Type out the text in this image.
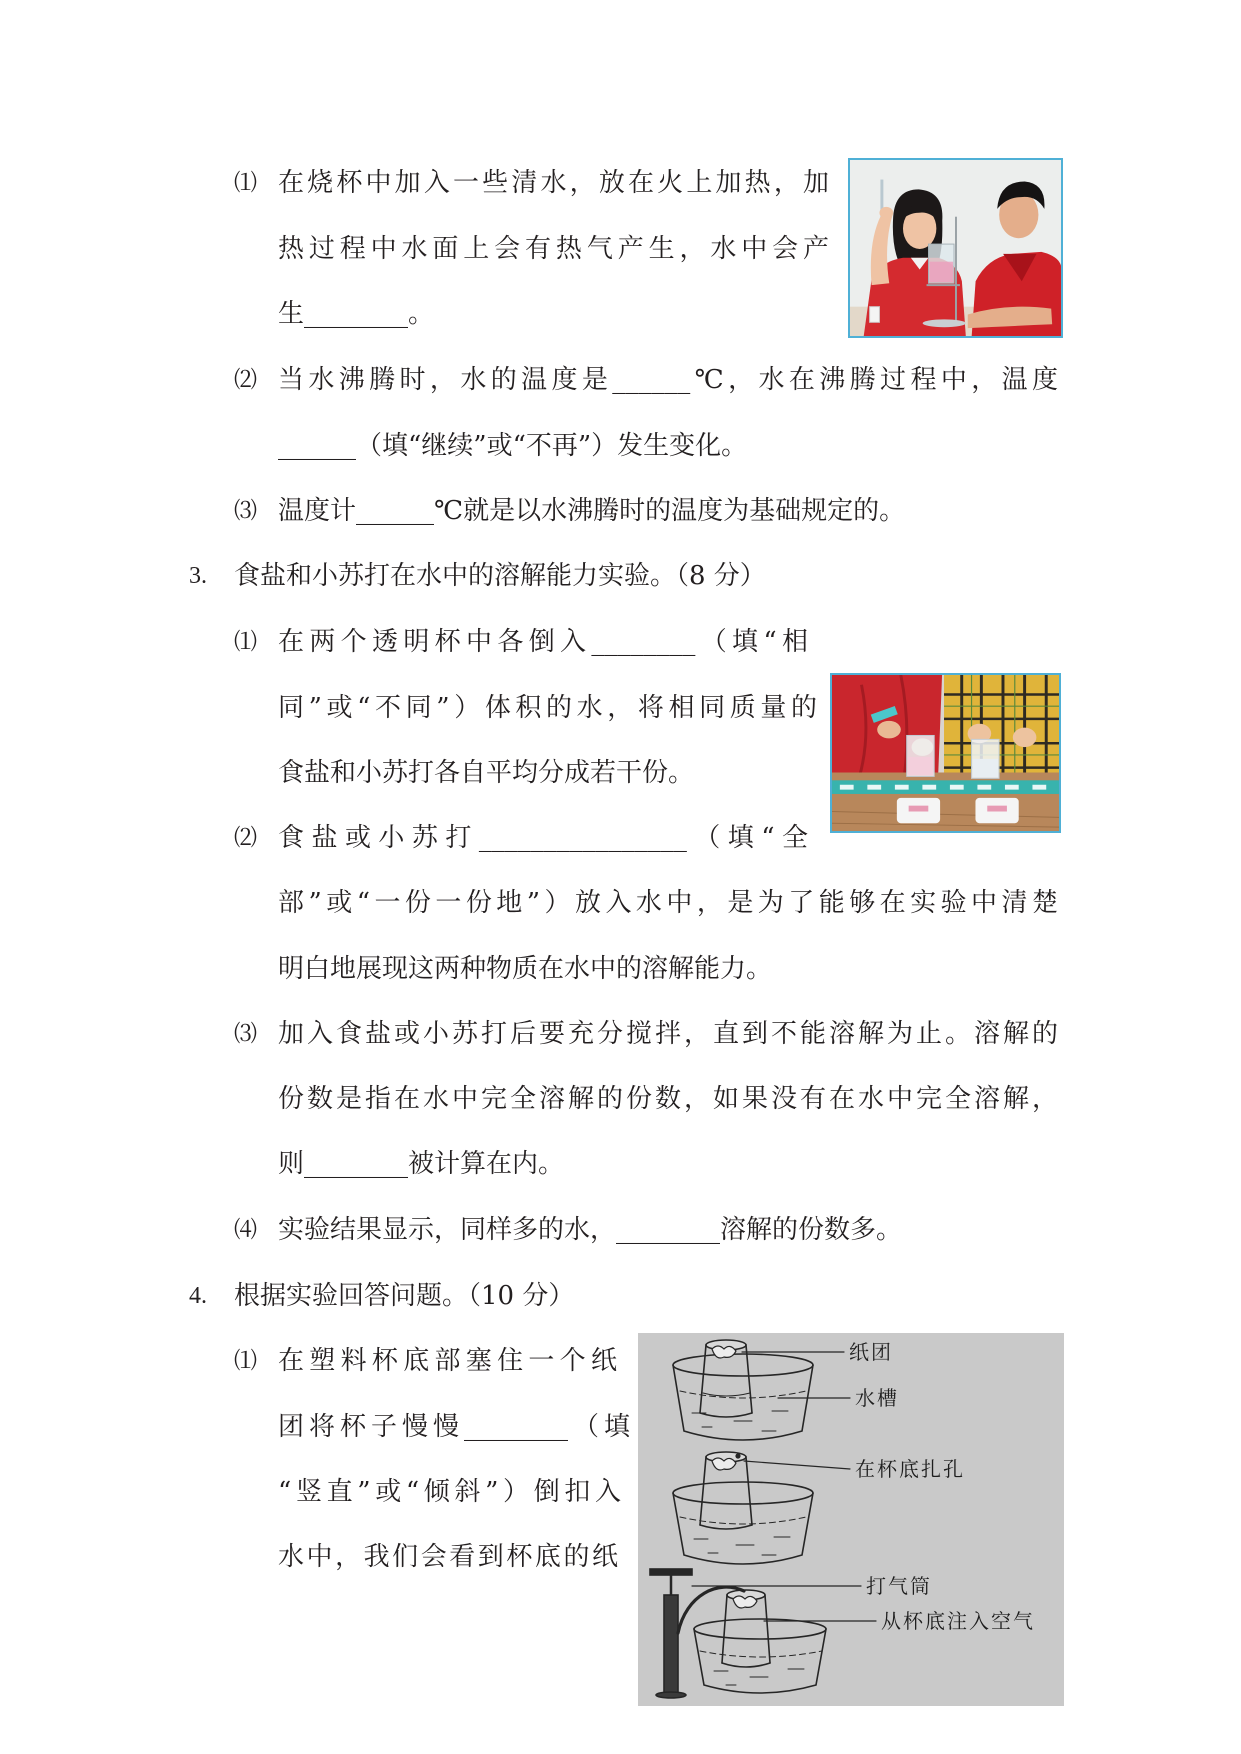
⑴ 在烧杯中加入一些清水，放在火上加热，加
热过程中水面上会有热气产生，水中会产
生________。
⑵ 当水沸腾时，水的温度是______℃，水在沸腾过程中，温度
______（填“继续”或“不再”）发生变化。
⑶ 温度计______℃就是以水沸腾时的温度为基础规定的。
3. 食盐和小苏打在水中的溶解能力实验。（8 分）
⑴ 在两个透明杯中各倒入________（填“相
同”或“不同”）体积的水，将相同质量的
食盐和小苏打各自平均分成若干份。
⑵ 食盐或小苏打________________（填“全
部”或“一份一份地”）放入水中，是为了能够在实验中清楚
明白地展现这两种物质在水中的溶解能力。
⑶ 加入食盐或小苏打后要充分搅拌，直到不能溶解为止。溶解的
份数是指在水中完全溶解的份数，如果没有在水中完全溶解，
则________被计算在内。
⑷ 实验结果显示，同样多的水，________溶解的份数多。
4. 根据实验回答问题。（10 分）
⑴ 在塑料杯底部塞住一个纸
团将杯子慢慢________（填
“竖直”或“倾斜”）倒扣入
水中，我们会看到杯底的纸
纸团
水槽
在杯底扎孔
打气筒
从杯底注入空气
